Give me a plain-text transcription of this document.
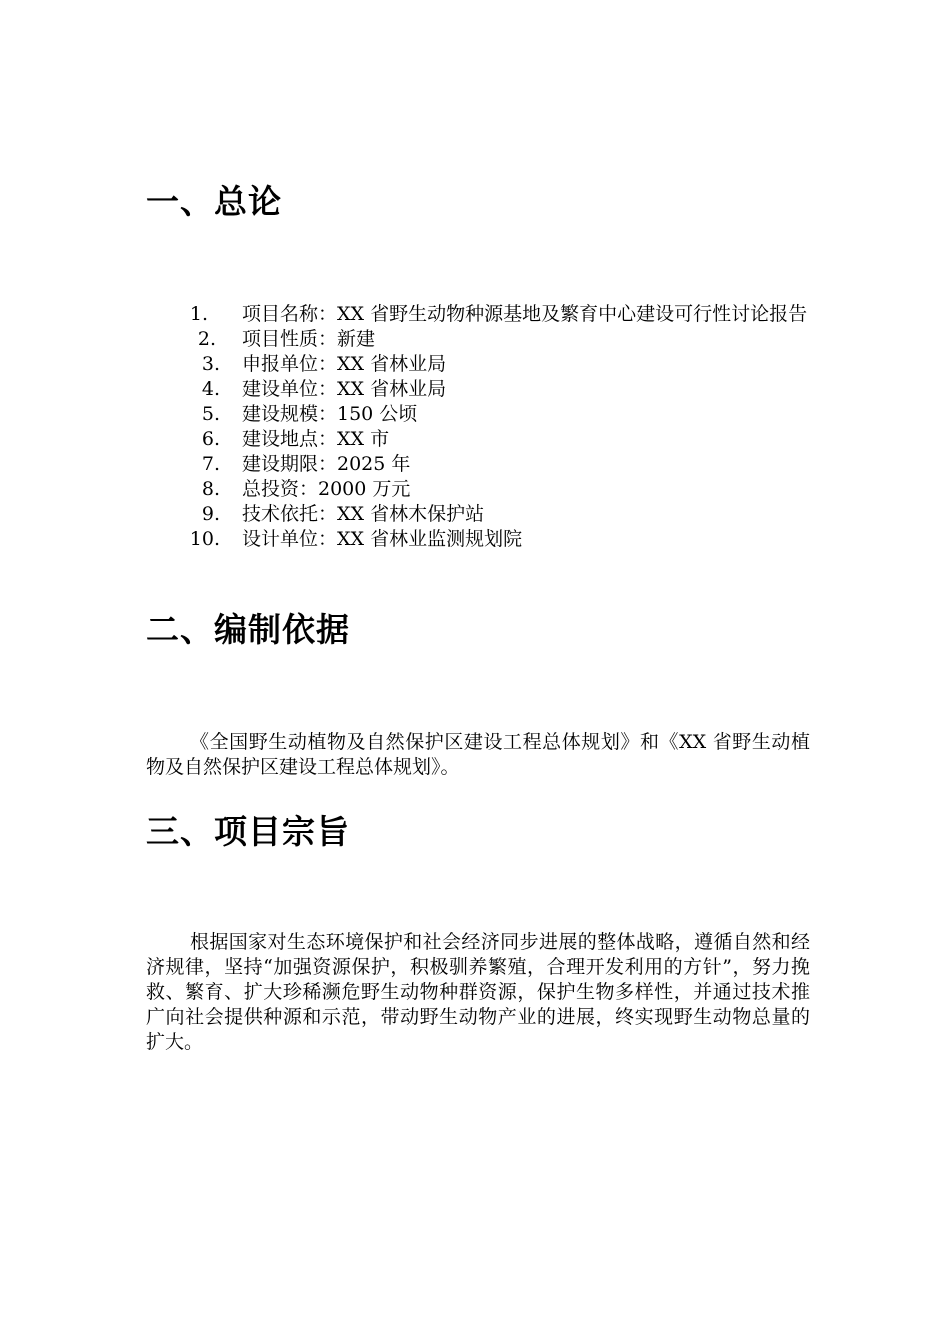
一、总论
1.	项目名称：XX 省野生动物种源基地及繁育中心建设可行性讨论报告
2.	项目性质：新建
3.	申报单位：XX 省林业局
4.	建设单位：XX 省林业局
5.	建设规模：150 公顷
6.	建设地点：XX 市
7.	建设期限：2025 年
8.	总投资：2000 万元
9.	技术依托：XX 省林木保护站
10.	设计单位：XX 省林业监测规划院
二、编制依据

《全国野生动植物及自然保护区建设工程总体规划》和《XX 省野生动植物及自然保护区建设工程总体规划》。

三、项目宗旨

根据国家对生态环境保护和社会经济同步进展的整体战略，遵循自然和经济规律，坚持“加强资源保护，积极驯养繁殖，合理开发利用的方针”，努力挽救、繁育、扩大珍稀濒危野生动物种群资源，保护生物多样性，并通过技术推广向社会提供种源和示范，带动野生动物产业的进展，终实现野生动物总量的扩大。
